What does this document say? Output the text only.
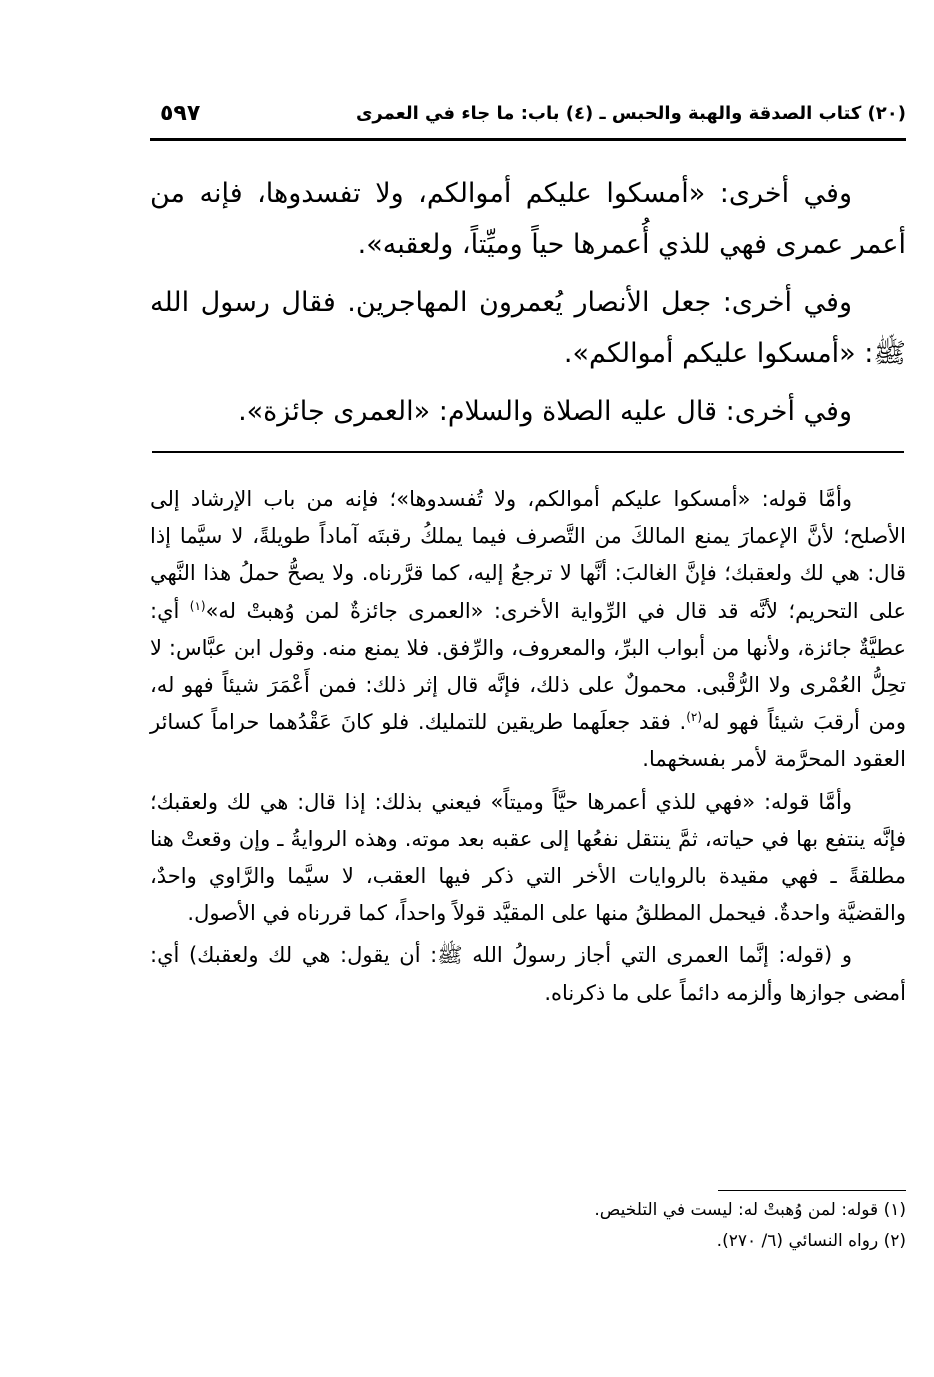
٥٩٧	(٢٠) كتاب الصدقة والهبة والحبس ـ (٤) باب: ما جاء في العمرى

وفي أخرى: «أمسكوا عليكم أموالكم، ولا تفسدوها، فإنه من أعمر عمرى فهي للذي أُعمرها حياً وميِّتاً، ولعقبه».

وفي أخرى: جعل الأنصار يُعمرون المهاجرين. فقال رسول الله ﷺ: «أمسكوا عليكم أموالكم».

وفي أخرى: قال عليه الصلاة والسلام: «العمرى جائزة».

وأمَّا قوله: «أمسكوا عليكم أموالكم، ولا تُفسدوها»؛ فإنه من باب الإرشاد إلى الأصلح؛ لأنَّ الإعمارَ يمنع المالكَ من التَّصرف فيما يملكُ رقبتَه آماداً طويلةً، لا سيَّما إذا قال: هي لك ولعقبك؛ فإنَّ الغالبَ: أنَّها لا ترجعُ إليه، كما قرَّرناه. ولا يصحُّ حملُ هذا النَّهي على التحريم؛ لأنَّه قد قال في الرِّواية الأخرى: «العمرى جائزةٌ لمن وُهبتْ له»$^{(١)}$ أي: عطيَّةٌ جائزة، ولأنها من أبواب البرِّ، والمعروف، والرِّفق. فلا يمنع منه. وقول ابن عبَّاس: لا تحِلُّ العُمْرى ولا الرُّقْبى. محمولٌ على ذلك، فإنَّه قال إثر ذلك: فمن أَعْمَرَ شيئاً فهو له، ومن أرقبَ شيئاً فهو له$^{(٢)}$. فقد جعلَهما طريقين للتمليك. فلو كانَ عَقْدُهما حراماً كسائر العقود المحرَّمة لأمر بفسخهما.

وأمَّا قوله: «فهي للذي أعمرها حيَّاً وميتاً» فيعني بذلك: إذا قال: هي لك ولعقبك؛ فإنَّه ينتفع بها في حياته، ثمَّ ينتقل نفعُها إلى عقبه بعد موته. وهذه الروايةُ ـ وإن وقعتْ هنا مطلقةً ـ فهي مقيدة بالروايات الأخر التي ذكر فيها العقب، لا سيَّما والرَّاوي واحدٌ، والقضيَّة واحدةٌ. فيحمل المطلقُ منها على المقيَّد قولاً واحداً، كما قررناه في الأصول.

و (قوله: إنَّما العمرى التي أجاز رسولُ الله ﷺ: أن يقول: هي لك ولعقبك) أي: أمضى جوازها وألزمه دائماً على ما ذكرناه.

(١) قوله: لمن وُهبتْ له: ليست في التلخيص.
(٢) رواه النسائي (٦/ ٢٧٠).
